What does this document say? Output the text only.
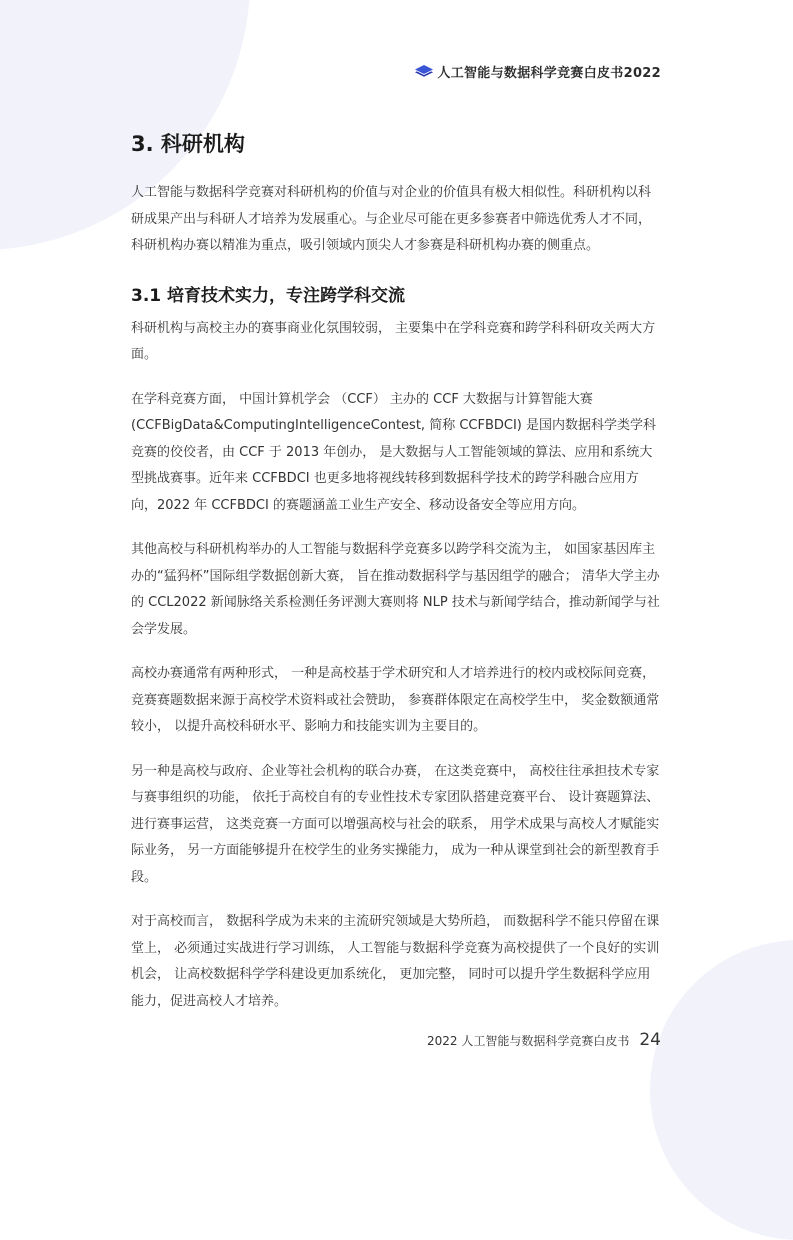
人工智能与数据科学竞赛白皮书2022
3. 科研机构

人工智能与数据科学竞赛对科研机构的价值与对企业的价值具有极大相似性。科研机构以科研成果产出与科研人才培养为发展重心。与企业尽可能在更多参赛者中筛选优秀人才不同，科研机构办赛以精准为重点，吸引领域内顶尖人才参赛是科研机构办赛的侧重点。

3.1 培育技术实力，专注跨学科交流

科研机构与高校主办的赛事商业化氛围较弱， 主要集中在学科竞赛和跨学科科研攻关两大方面。

在学科竞赛方面， 中国计算机学会 （CCF） 主办的 CCF 大数据与计算智能大赛 (CCFBigData&ComputingIntelligenceContest, 简称 CCFBDCI) 是国内数据科学类学科竞赛的佼佼者，由 CCF 于 2013 年创办， 是大数据与人工智能领域的算法、应用和系统大型挑战赛事。近年来 CCFBDCI 也更多地将视线转移到数据科学技术的跨学科融合应用方向，2022 年 CCFBDCI 的赛题涵盖工业生产安全、移动设备安全等应用方向。

其他高校与科研机构举办的人工智能与数据科学竞赛多以跨学科交流为主， 如国家基因库主办的“猛犸杯”国际组学数据创新大赛， 旨在推动数据科学与基因组学的融合； 清华大学主办的 CCL2022 新闻脉络关系检测任务评测大赛则将 NLP 技术与新闻学结合，推动新闻学与社会学发展。

高校办赛通常有两种形式， 一种是高校基于学术研究和人才培养进行的校内或校际间竞赛， 竞赛赛题数据来源于高校学术资料或社会赞助， 参赛群体限定在高校学生中， 奖金数额通常较小， 以提升高校科研水平、影响力和技能实训为主要目的。

另一种是高校与政府、企业等社会机构的联合办赛， 在这类竞赛中， 高校往往承担技术专家与赛事组织的功能， 依托于高校自有的专业性技术专家团队搭建竞赛平台、 设计赛题算法、进行赛事运营， 这类竞赛一方面可以增强高校与社会的联系， 用学术成果与高校人才赋能实际业务， 另一方面能够提升在校学生的业务实操能力， 成为一种从课堂到社会的新型教育手段。

对于高校而言， 数据科学成为未来的主流研究领域是大势所趋， 而数据科学不能只停留在课堂上， 必须通过实战进行学习训练， 人工智能与数据科学竞赛为高校提供了一个良好的实训机会， 让高校数据科学学科建设更加系统化， 更加完整， 同时可以提升学生数据科学应用能力，促进高校人才培养。

2022 人工智能与数据科学竞赛白皮书 24
